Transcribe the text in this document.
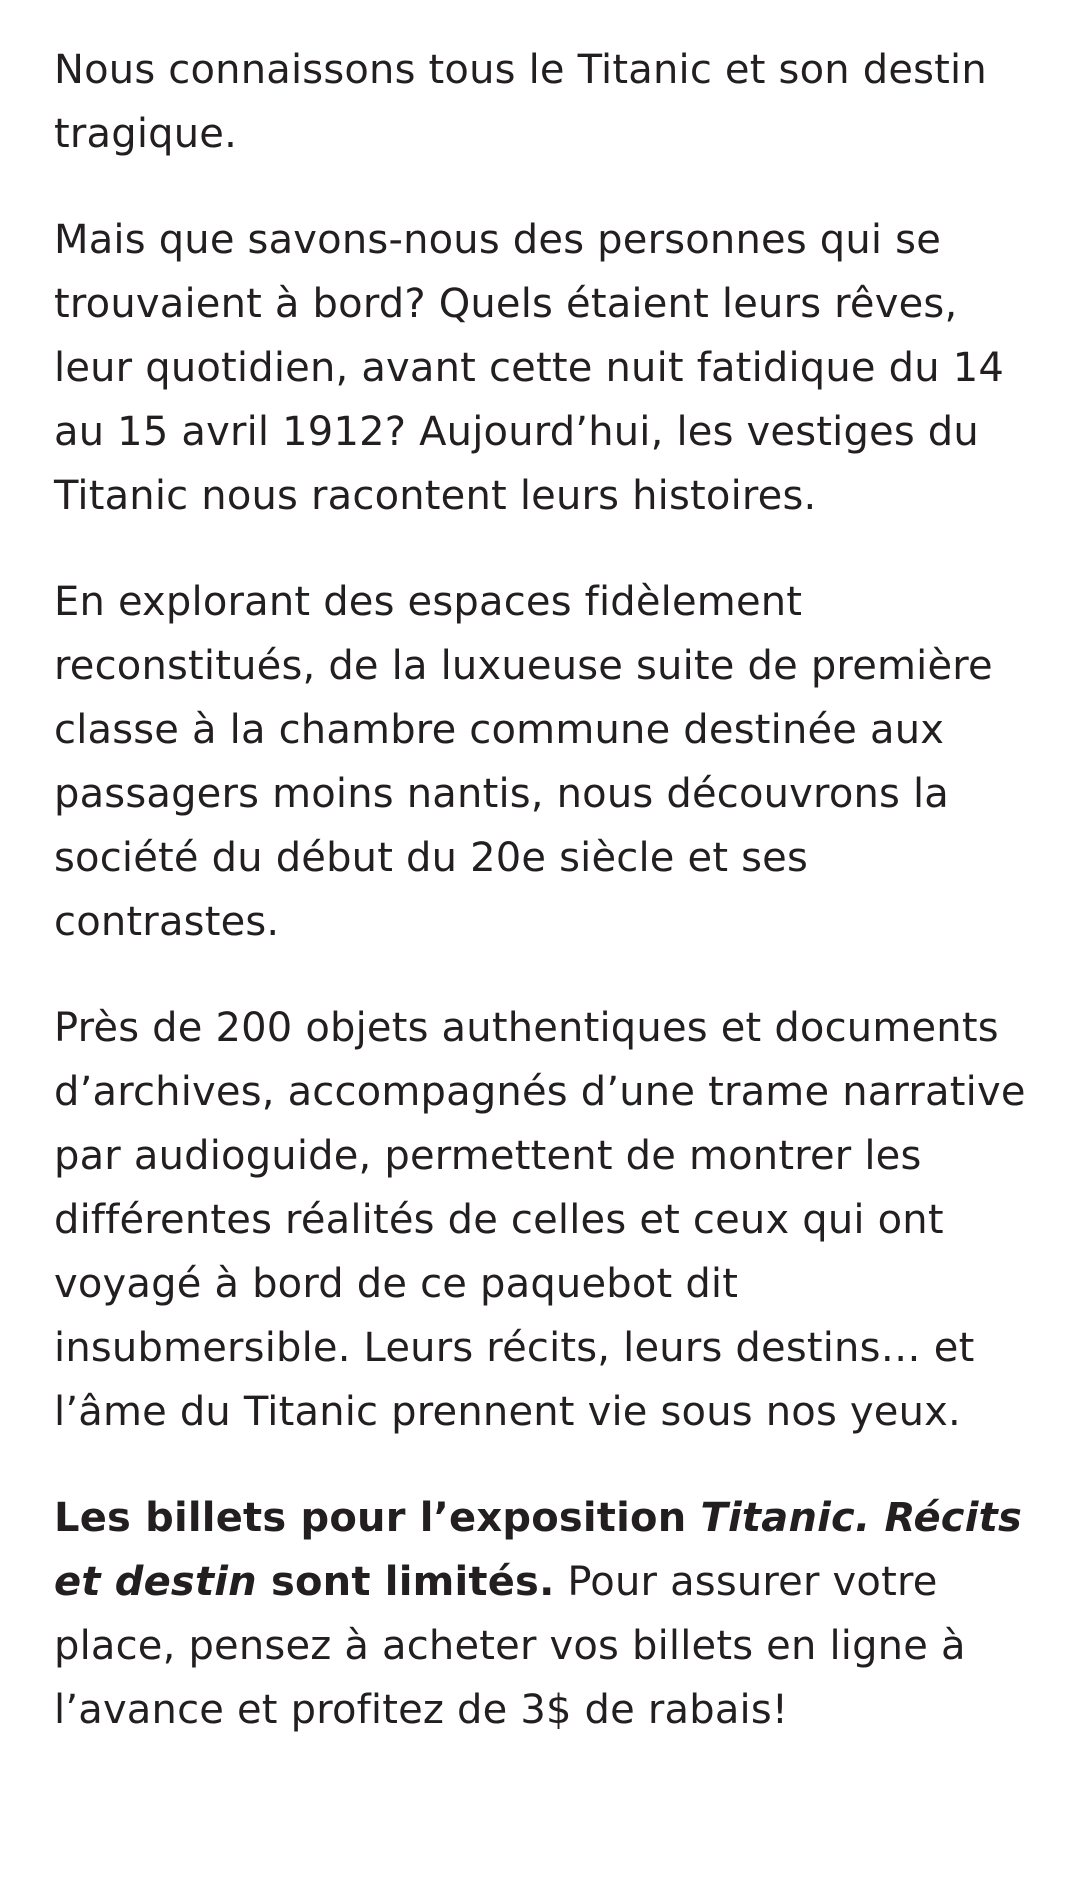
Nous connaissons tous le Titanic et son destin tragique.

Mais que savons-nous des personnes qui se trouvaient à bord? Quels étaient leurs rêves, leur quotidien, avant cette nuit fatidique du 14 au 15 avril 1912? Aujourd’hui, les vestiges du Titanic nous racontent leurs histoires.

En explorant des espaces fidèlement reconstitués, de la luxueuse suite de première classe à la chambre commune destinée aux passagers moins nantis, nous découvrons la société du début du 20e siècle et ses contrastes.

Près de 200 objets authentiques et documents d’archives, accompagnés d’une trame narrative par audioguide, permettent de montrer les différentes réalités de celles et ceux qui ont voyagé à bord de ce paquebot dit insubmersible. Leurs récits, leurs destins… et l’âme du Titanic prennent vie sous nos yeux.

Les billets pour l’exposition Titanic. Récits et destin sont limités. Pour assurer votre place, pensez à acheter vos billets en ligne à l’avance et profitez de 3$ de rabais!
